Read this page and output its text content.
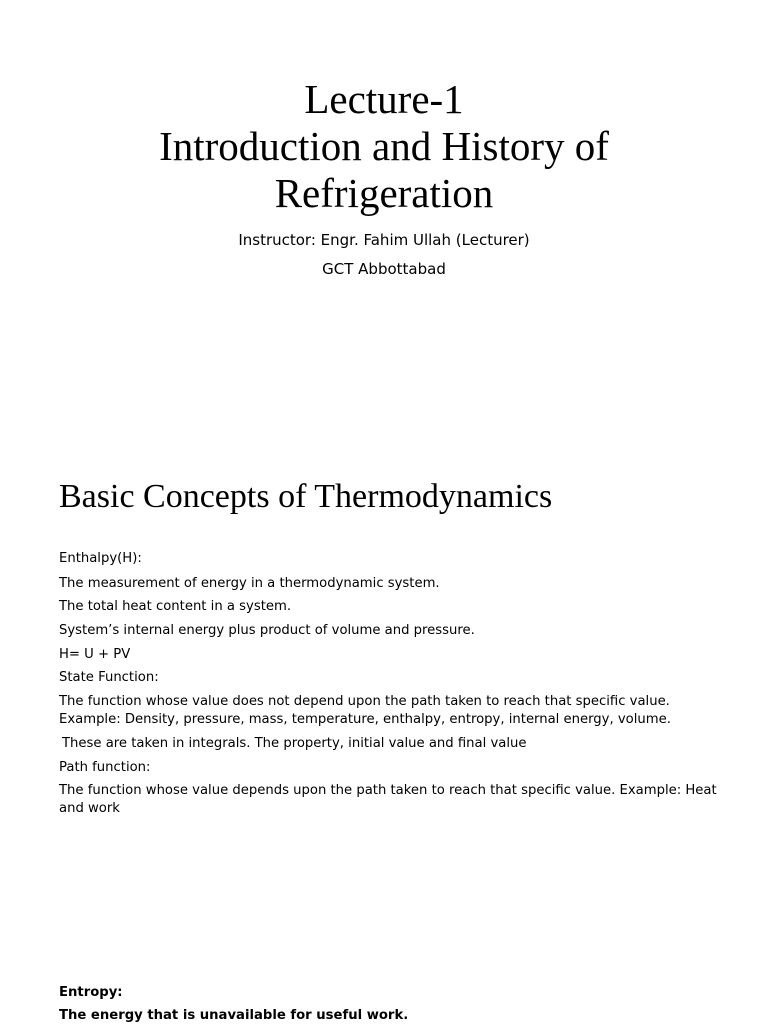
Lecture-1
Introduction and History of
Refrigeration
Instructor: Engr. Fahim Ullah (Lecturer)
GCT Abbottabad
Basic Concepts of Thermodynamics
Enthalpy(H):
The measurement of energy in a thermodynamic system.
The total heat content in a system.
System’s internal energy plus product of volume and pressure.
H= U + PV
State Function:
The function whose value does not depend upon the path taken to reach that specific value. Example: Density, pressure, mass, temperature, enthalpy, entropy, internal energy, volume.
These are taken in integrals. The property, initial value and final value
Path function:
The function whose value depends upon the path taken to reach that specific value. Example: Heat and work
Entropy:
The energy that is unavailable for useful work.
